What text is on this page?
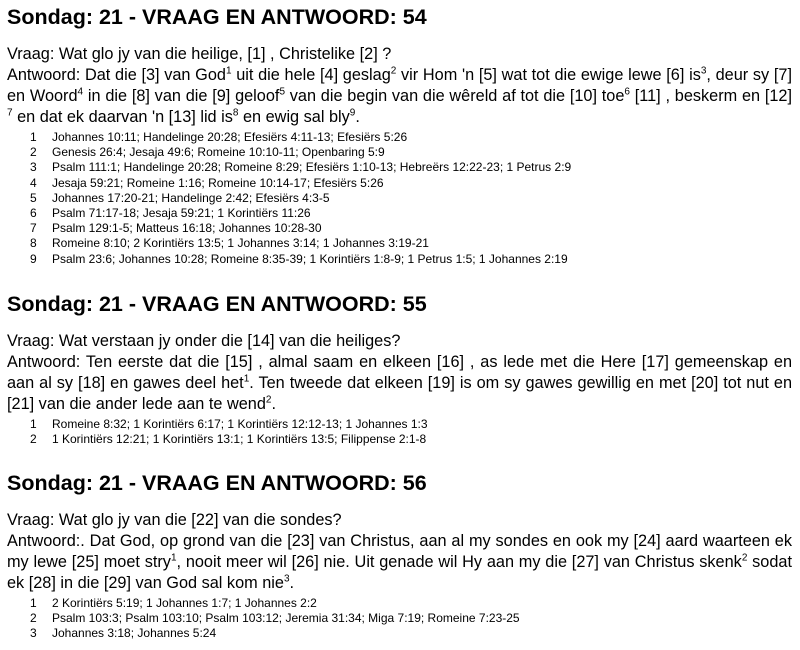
Sondag: 21 - VRAAG EN ANTWOORD: 54

Vraag: Wat glo jy van die heilige, [1] , Christelike [2] ?

Antwoord: Dat die [3] van God$^1$ uit die hele [4] geslag$^2$ vir Hom 'n [5] wat tot die ewige lewe [6] $is^3$, deur sy [7] en Woord$^4$ in die [8] van die [9] geloof$^5$ van die begin van die wêreld af tot die [10] toe$^6$ [11] , beskerm en [12] $^7$ en dat ek daarvan 'n [13] lid $is^8$ en ewig sal bly$^9$.

1	Johannes 10:11; Handelinge 20:28; Efesiërs 4:11-13; Efesiërs 5:26
2	Genesis 26:4; Jesaja 49:6; Romeine 10:10-11; Openbaring 5:9
3	Psalm 111:1; Handelinge 20:28; Romeine 8:29; Efesiërs 1:10-13; Hebreërs 12:22-23; 1 Petrus 2:9
4	Jesaja 59:21; Romeine 1:16; Romeine 10:14-17; Efesiërs 5:26
5	Johannes 17:20-21; Handelinge 2:42; Efesiërs 4:3-5
6	Psalm 71:17-18; Jesaja 59:21; 1 Korintiërs 11:26
7	Psalm 129:1-5; Matteus 16:18; Johannes 10:28-30
8	Romeine 8:10; 2 Korintiërs 13:5; 1 Johannes 3:14; 1 Johannes 3:19-21
9	Psalm 23:6; Johannes 10:28; Romeine 8:35-39; 1 Korintiërs 1:8-9; 1 Petrus 1:5; 1 Johannes 2:19
Sondag: 21 - VRAAG EN ANTWOORD: 55

Vraag: Wat verstaan jy onder die [14] van die heiliges?

Antwoord: Ten eerste dat die [15] , almal saam en elkeen [16] , as lede met die Here [17] gemeenskap en aan al sy [18] en gawes deel het$^1$. Ten tweede dat elkeen [19] is om sy gawes gewillig en met [20] tot nut en [21] van die ander lede aan te wend$^2$.

1	Romeine 8:32; 1 Korintiërs 6:17; 1 Korintiërs 12:12-13; 1 Johannes 1:3
2	1 Korintiërs 12:21; 1 Korintiërs 13:1; 1 Korintiërs 13:5; Filippense 2:1-8
Sondag: 21 - VRAAG EN ANTWOORD: 56

Vraag: Wat glo jy van die [22] van die sondes?

Antwoord:. Dat God, op grond van die [23] van Christus, aan al my sondes en ook my [24] aard waarteen ek my lewe [25] moet stry$^1$, nooit meer wil [26] nie. Uit genade wil Hy aan my die [27] van Christus skenk$^2$ sodat ek [28] in die [29] van God sal kom nie$^3$.

1	2 Korintiërs 5:19; 1 Johannes 1:7; 1 Johannes 2:2
2	Psalm 103:3; Psalm 103:10; Psalm 103:12; Jeremia 31:34; Miga 7:19; Romeine 7:23-25
3	Johannes 3:18; Johannes 5:24
